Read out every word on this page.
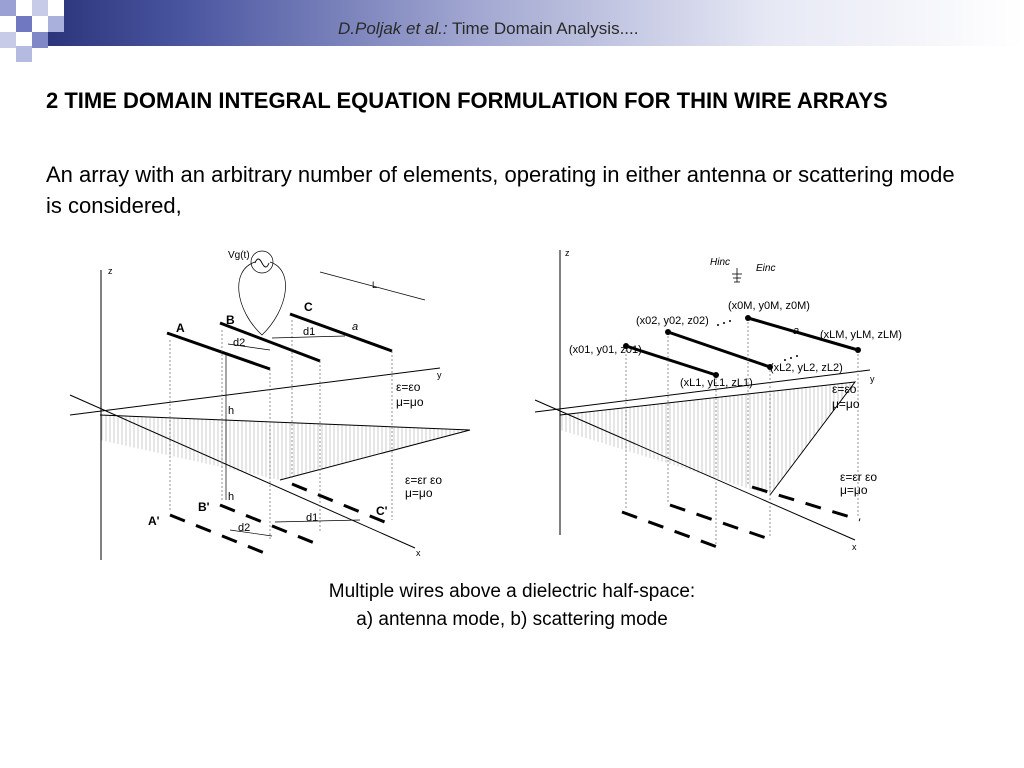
D.Poljak et al.: Time Domain Analysis....
2 TIME DOMAIN INTEGRAL EQUATION FORMULATION FOR THIN WIRE ARRAYS
An array with an arbitrary number of elements, operating in either antenna or scattering mode is considered,
Vg(t)
z
y
x
A
B
C
A'
B'	C'
L
a
d1
d2
h
h
d1
d2
ε=εo
μ=μo
ε=εr εo
μ=μo
z
y
x
Hinc
Einc
(x0M, y0M, z0M)
(x02, y02, z02)
(x01, y01, z01)
(xLM, yLM, zLM)
(xL2, yL2, zL2)
(xL1, yL1, zL1)
a
ε=εo
μ=μo
ε=εr εo
μ=μo
Multiple wires above a dielectric half-space:
a) antenna mode, b) scattering mode
